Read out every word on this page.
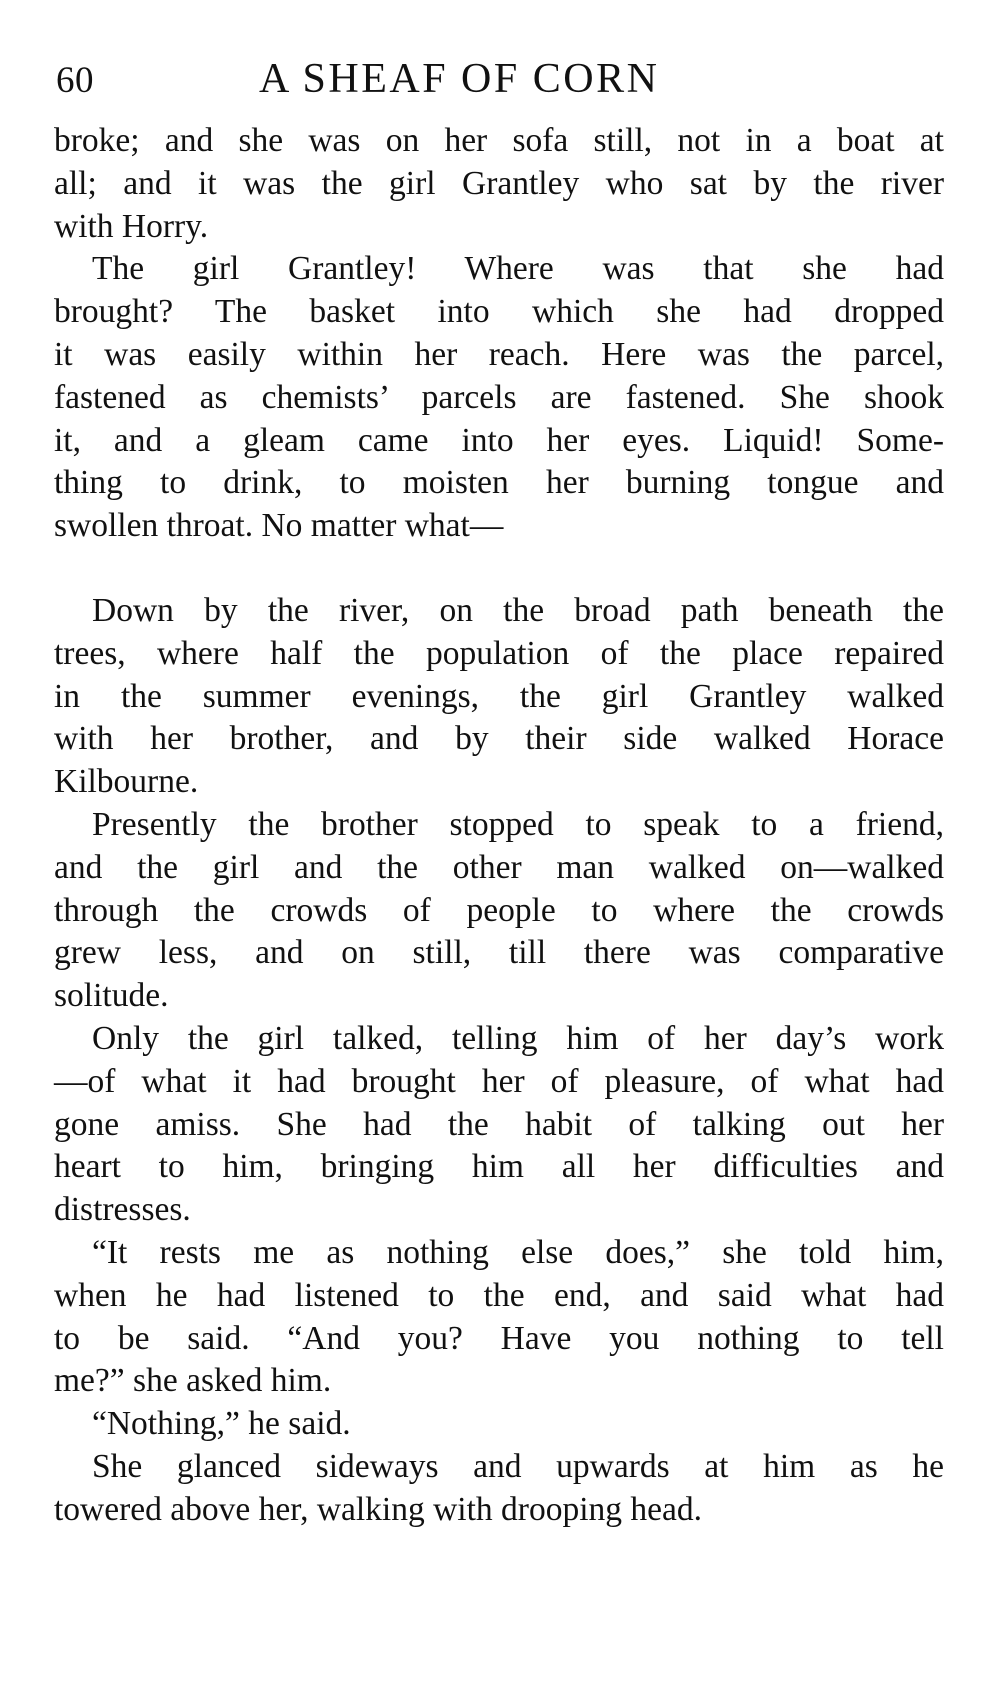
60	A SHEAF OF CORN

broke; and she was on her sofa still, not in a boat at
all; and it was the girl Grantley who sat by the river
with Horry.

The girl Grantley! Where was that she had
brought? The basket into which she had dropped
it was easily within her reach. Here was the parcel,
fastened as chemists’ parcels are fastened. She shook
it, and a gleam came into her eyes. Liquid! Some-
thing to drink, to moisten her burning tongue and
swollen throat. No matter what—

Down by the river, on the broad path beneath the
trees, where half the population of the place repaired
in the summer evenings, the girl Grantley walked
with her brother, and by their side walked Horace
Kilbourne.

Presently the brother stopped to speak to a friend,
and the girl and the other man walked on—walked
through the crowds of people to where the crowds
grew less, and on still, till there was comparative
solitude.

Only the girl talked, telling him of her day’s work
—of what it had brought her of pleasure, of what had
gone amiss. She had the habit of talking out her
heart to him, bringing him all her difficulties and
distresses.

“It rests me as nothing else does,” she told him,
when he had listened to the end, and said what had
to be said. “And you? Have you nothing to tell
me?” she asked him.

“Nothing,” he said.

She glanced sideways and upwards at him as he
towered above her, walking with drooping head.
